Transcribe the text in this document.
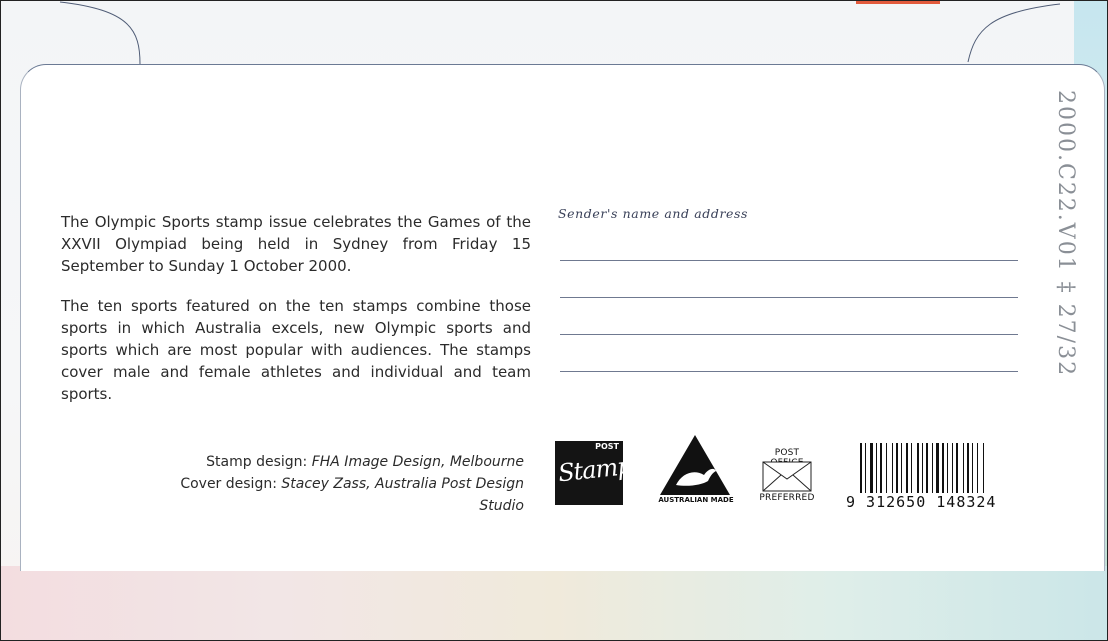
The Olympic Sports stamp issue celebrates the Games of the XXVII Olympiad being held in Sydney from Friday 15 September to Sunday 1 October 2000.

The ten sports featured on the ten stamps combine those sports in which Australia excels, new Olympic sports and sports which are most popular with audiences. The stamps cover male and female athletes and individual and team sports.

Sender's name and address
Stamp design: FHA Image Design, Melbourne
Cover design: Stacey Zass, Australia Post Design Studio
POST
Stamps
AUSTRALIAN MADE
POST
PREFERRED 9 312650 148324
2000.C22.V01 ‡ 27/32
